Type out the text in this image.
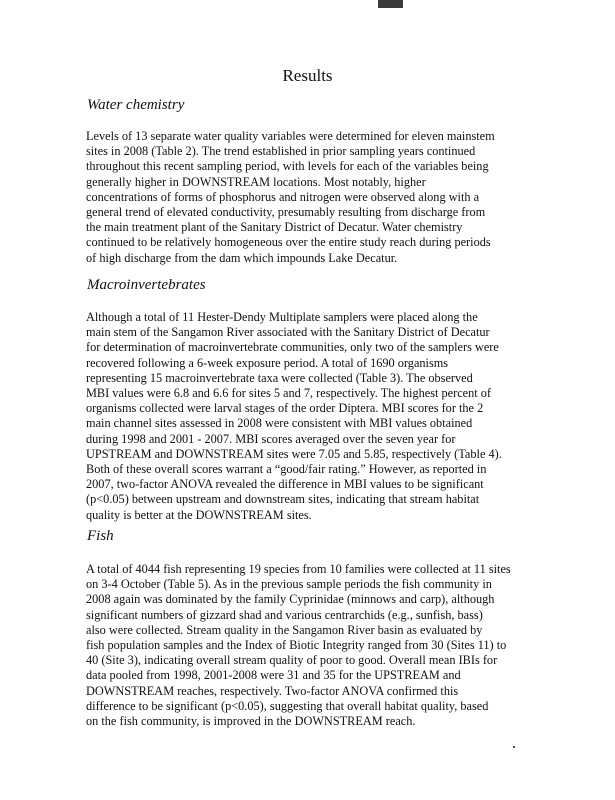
Results
Water chemistry
Levels of 13 separate water quality variables were determined for eleven mainstem
sites in 2008 (Table 2). The trend established in prior sampling years continued
throughout this recent sampling period, with levels for each of the variables being
generally higher in DOWNSTREAM locations. Most notably, higher
concentrations of forms of phosphorus and nitrogen were observed along with a
general trend of elevated conductivity, presumably resulting from discharge from
the main treatment plant of the Sanitary District of Decatur. Water chemistry
continued to be relatively homogeneous over the entire study reach during periods
of high discharge from the dam which impounds Lake Decatur.
Macroinvertebrates
Although a total of 11 Hester-Dendy Multiplate samplers were placed along the
main stem of the Sangamon River associated with the Sanitary District of Decatur
for determination of macroinvertebrate communities, only two of the samplers were
recovered following a 6-week exposure period. A total of 1690 organisms
representing 15 macroinvertebrate taxa were collected (Table 3). The observed
MBI values were 6.8 and 6.6 for sites 5 and 7, respectively. The highest percent of
organisms collected were larval stages of the order Diptera. MBI scores for the 2
main channel sites assessed in 2008 were consistent with MBI values obtained
during 1998 and 2001 - 2007. MBI scores averaged over the seven year for
UPSTREAM and DOWNSTREAM sites were 7.05 and 5.85, respectively (Table 4).
Both of these overall scores warrant a “good/fair rating.” However, as reported in
2007, two-factor ANOVA revealed the difference in MBI values to be significant
(p<0.05) between upstream and downstream sites, indicating that stream habitat
quality is better at the DOWNSTREAM sites.
Fish
A total of 4044 fish representing 19 species from 10 families were collected at 11 sites
on 3-4 October (Table 5). As in the previous sample periods the fish community in
2008 again was dominated by the family Cyprinidae (minnows and carp), although
significant numbers of gizzard shad and various centrarchids (e.g., sunfish, bass)
also were collected. Stream quality in the Sangamon River basin as evaluated by
fish population samples and the Index of Biotic Integrity ranged from 30 (Sites 11) to
40 (Site 3), indicating overall stream quality of poor to good. Overall mean IBIs for
data pooled from 1998, 2001-2008 were 31 and 35 for the UPSTREAM and
DOWNSTREAM reaches, respectively. Two-factor ANOVA confirmed this
difference to be significant (p<0.05), suggesting that overall habitat quality, based
on the fish community, is improved in the DOWNSTREAM reach.
